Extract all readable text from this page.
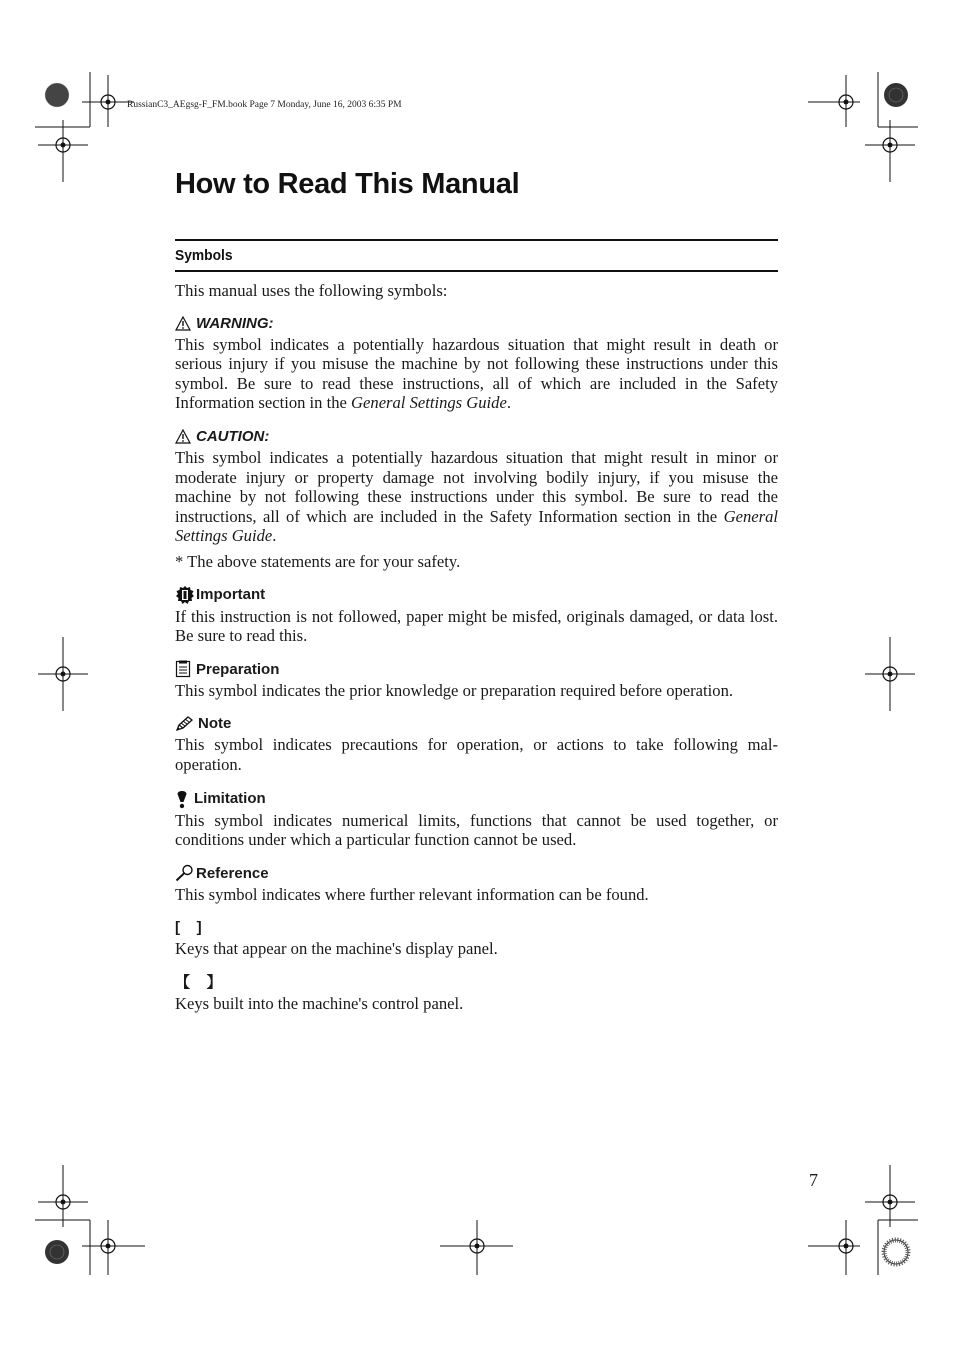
RussianC3_AEgsg-F_FM.book Page 7 Monday, June 16, 2003 6:35 PM
How to Read This Manual
Symbols

This manual uses the following symbols:

WARNING:

This symbol indicates a potentially hazardous situation that might result in death or serious injury if you misuse the machine by not following these instructions under this symbol. Be sure to read these instructions, all of which are included in the Safety Information section in the General Settings Guide.

CAUTION:

This symbol indicates a potentially hazardous situation that might result in minor or moderate injury or property damage not involving bodily injury, if you misuse the machine by not following these instructions under this symbol. Be sure to read the instructions, all of which are included in the Safety Information section in the General Settings Guide.

* The above statements are for your safety.

Important

If this instruction is not followed, paper might be misfed, originals damaged, or data lost. Be sure to read this.

Preparation

This symbol indicates the prior knowledge or preparation required before operation.

Note

This symbol indicates precautions for operation, or actions to take following mal-operation.

Limitation

This symbol indicates numerical limits, functions that cannot be used together, or conditions under which a particular function cannot be used.

Reference

This symbol indicates where further relevant information can be found.

[    ]

Keys that appear on the machine's display panel.

【    】

Keys built into the machine's control panel.

7
